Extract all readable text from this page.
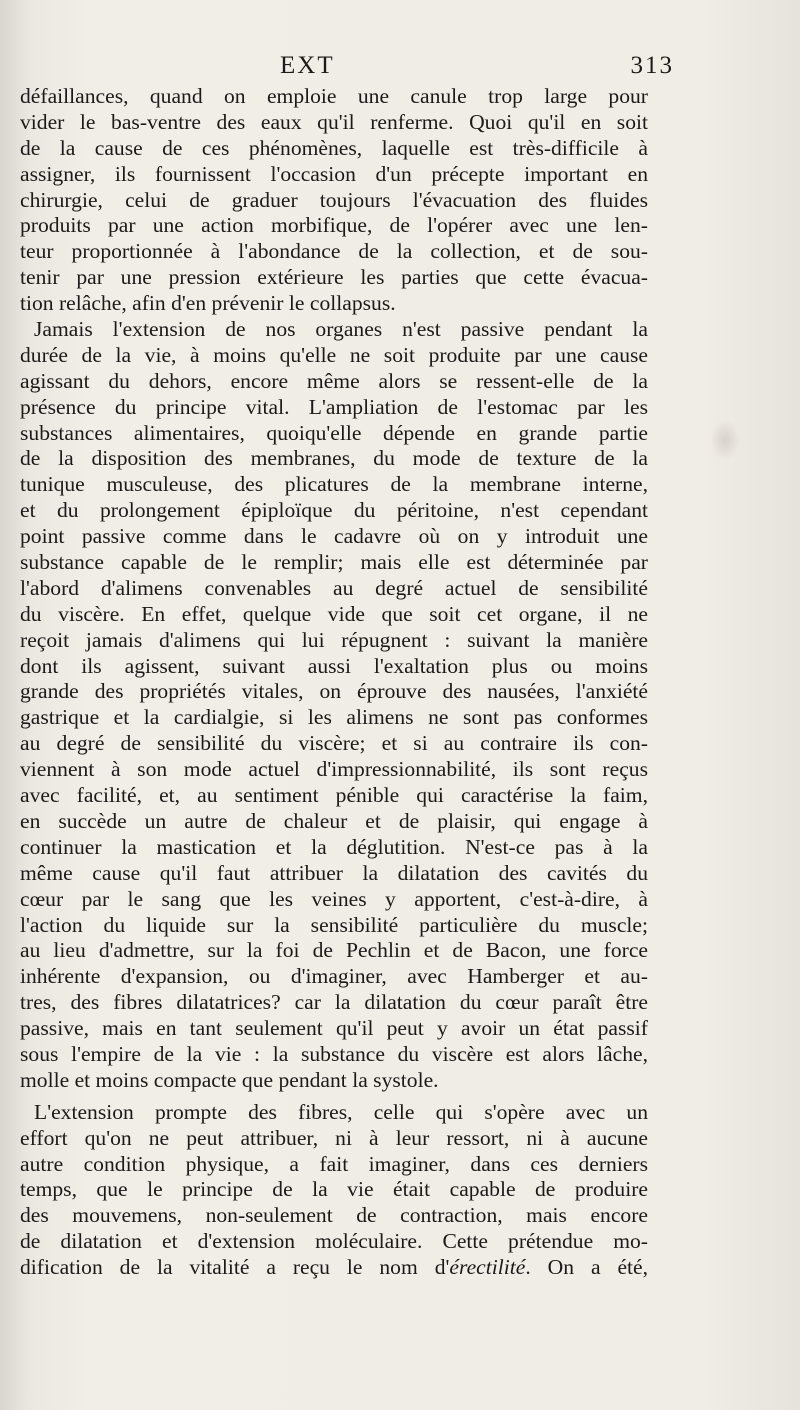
EXT	313
défaillances, quand on emploie une canule trop large pour
vider le bas-ventre des eaux qu'il renferme. Quoi qu'il en soit
de la cause de ces phénomènes, laquelle est très-difficile à
assigner, ils fournissent l'occasion d'un précepte important en
chirurgie, celui de graduer toujours l'évacuation des fluides
produits par une action morbifique, de l'opérer avec une len-
teur proportionnée à l'abondance de la collection, et de sou-
tenir par une pression extérieure les parties que cette évacua-
tion relâche, afin d'en prévenir le collapsus.
Jamais l'extension de nos organes n'est passive pendant la
durée de la vie, à moins qu'elle ne soit produite par une cause
agissant du dehors, encore même alors se ressent-elle de la
présence du principe vital. L'ampliation de l'estomac par les
substances alimentaires, quoiqu'elle dépende en grande partie
de la disposition des membranes, du mode de texture de la
tunique musculeuse, des plicatures de la membrane interne,
et du prolongement épiploïque du péritoine, n'est cependant
point passive comme dans le cadavre où on y introduit une
substance capable de le remplir; mais elle est déterminée par
l'abord d'alimens convenables au degré actuel de sensibilité
du viscère. En effet, quelque vide que soit cet organe, il ne
reçoit jamais d'alimens qui lui répugnent : suivant la manière
dont ils agissent, suivant aussi l'exaltation plus ou moins
grande des propriétés vitales, on éprouve des nausées, l'anxiété
gastrique et la cardialgie, si les alimens ne sont pas conformes
au degré de sensibilité du viscère; et si au contraire ils con-
viennent à son mode actuel d'impressionnabilité, ils sont reçus
avec facilité, et, au sentiment pénible qui caractérise la faim,
en succède un autre de chaleur et de plaisir, qui engage à
continuer la mastication et la déglutition. N'est-ce pas à la
même cause qu'il faut attribuer la dilatation des cavités du
cœur par le sang que les veines y apportent, c'est-à-dire, à
l'action du liquide sur la sensibilité particulière du muscle;
au lieu d'admettre, sur la foi de Pechlin et de Bacon, une force
inhérente d'expansion, ou d'imaginer, avec Hamberger et au-
tres, des fibres dilatatrices? car la dilatation du cœur paraît être
passive, mais en tant seulement qu'il peut y avoir un état passif
sous l'empire de la vie : la substance du viscère est alors lâche,
molle et moins compacte que pendant la systole.
L'extension prompte des fibres, celle qui s'opère avec un
effort qu'on ne peut attribuer, ni à leur ressort, ni à aucune
autre condition physique, a fait imaginer, dans ces derniers
temps, que le principe de la vie était capable de produire
des mouvemens, non-seulement de contraction, mais encore
de dilatation et d'extension moléculaire. Cette prétendue mo-
dification de la vitalité a reçu le nom d'érectilité. On a été,
